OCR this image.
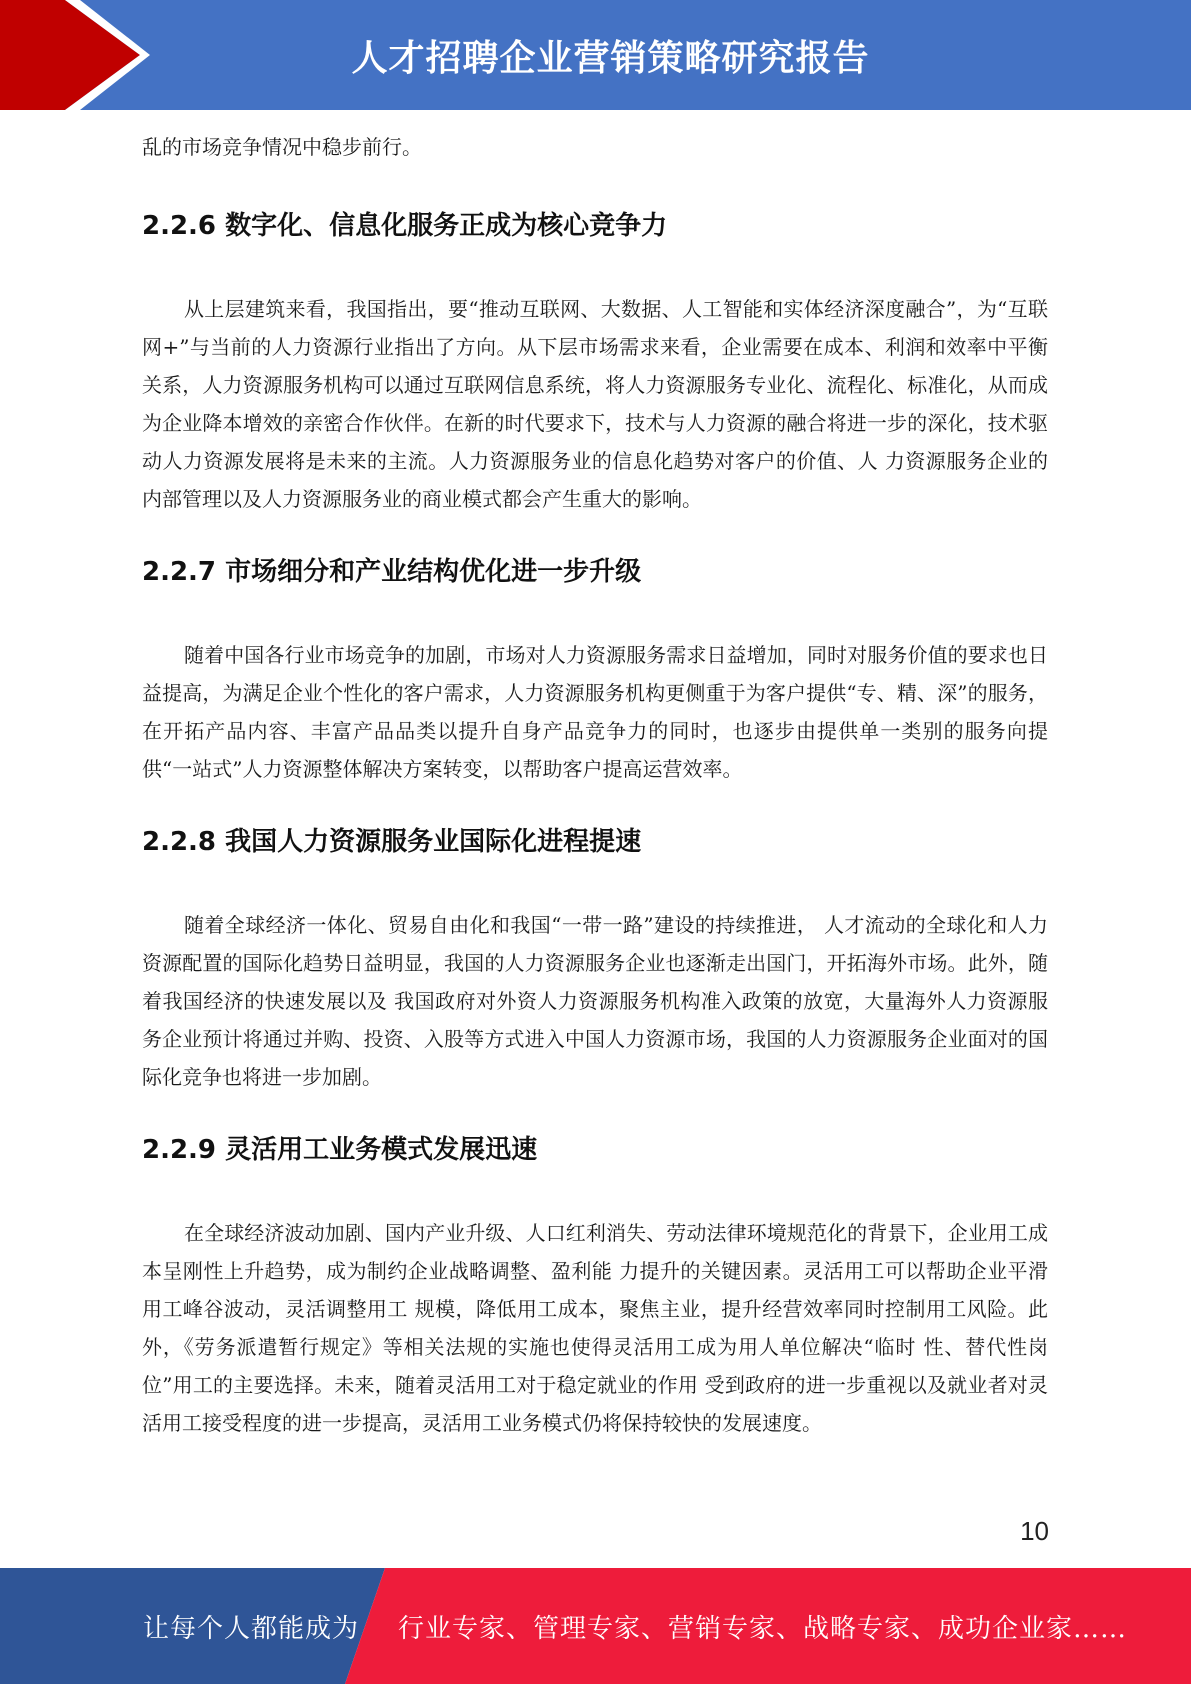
人才招聘企业营销策略研究报告

乱的市场竞争情况中稳步前行。

2.2.6 数字化、信息化服务正成为核心竞争力

从上层建筑来看，我国指出，要“推动互联网、大数据、人工智能和实体经济深度融合”，为“互联网+”与当前的人力资源行业指出了方向。从下层市场需求来看，企业需要在成本、利润和效率中平衡关系，人力资源服务机构可以通过互联网信息系统，将人力资源服务专业化、流程化、标准化，从而成为企业降本增效的亲密合作伙伴。在新的时代要求下，技术与人力资源的融合将进一步的深化，技术驱动人力资源发展将是未来的主流。人力资源服务业的信息化趋势对客户的价值、人 力资源服务企业的内部管理以及人力资源服务业的商业模式都会产生重大的影响。

2.2.7 市场细分和产业结构优化进一步升级

随着中国各行业市场竞争的加剧，市场对人力资源服务需求日益增加，同时对服务价值的要求也日益提高，为满足企业个性化的客户需求，人力资源服务机构更侧重于为客户提供“专、精、深”的服务，在开拓产品内容、丰富产品品类以提升自身产品竞争力的同时，也逐步由提供单一类别的服务向提供“一站式”人力资源整体解决方案转变，以帮助客户提高运营效率。

2.2.8 我国人力资源服务业国际化进程提速

随着全球经济一体化、贸易自由化和我国“一带一路”建设的持续推进， 人才流动的全球化和人力资源配置的国际化趋势日益明显，我国的人力资源服务企业也逐渐走出国门，开拓海外市场。此外，随着我国经济的快速发展以及 我国政府对外资人力资源服务机构准入政策的放宽，大量海外人力资源服务企业预计将通过并购、投资、入股等方式进入中国人力资源市场，我国的人力资源服务企业面对的国际化竞争也将进一步加剧。

2.2.9 灵活用工业务模式发展迅速

在全球经济波动加剧、国内产业升级、人口红利消失、劳动法律环境规范化的背景下，企业用工成本呈刚性上升趋势，成为制约企业战略调整、盈利能 力提升的关键因素。灵活用工可以帮助企业平滑用工峰谷波动，灵活调整用工 规模，降低用工成本，聚焦主业，提升经营效率同时控制用工风险。此外，《劳务派遣暂行规定》等相关法规的实施也使得灵活用工成为用人单位解决“临时 性、替代性岗位”用工的主要选择。未来，随着灵活用工对于稳定就业的作用 受到政府的进一步重视以及就业者对灵活用工接受程度的进一步提高，灵活用工业务模式仍将保持较快的发展速度。

10
让每个人都能成为 行业专家、管理专家、营销专家、战略专家、成功企业家……
